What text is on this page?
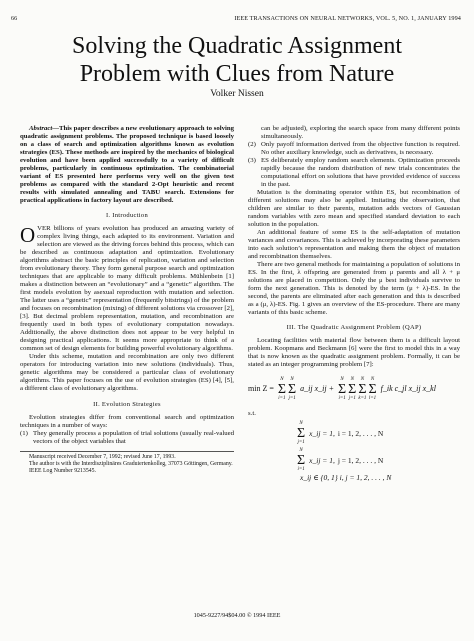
66	IEEE TRANSACTIONS ON NEURAL NETWORKS, VOL. 5, NO. 1, JANUARY 1994
Solving the Quadratic Assignment
Problem with Clues from Nature
Volker Nissen

Abstract—This paper describes a new evolutionary approach to solving quadratic assignment problems. The proposed technique is based loosely on a class of search and optimization algorithms known as evolution strategies (ES). These methods are inspired by the mechanics of biological evolution and have been applied successfully to a variety of difficult problems, particularly in continuous optimization. The combinatorial variant of ES presented here performs very well on the given test problems as compared with the standard 2-Opt heuristic and recent results with simulated annealing and TABU search. Extensions for practical applications in factory layout are described.

I. Introduction

OVER billions of years evolution has produced an amazing variety of complex living things, each adapted to its environment. Variation and selection are viewed as the driving forces behind this process, which can be described as continuous adaptation and optimization. Evolutionary algorithms abstract the basic principles of replication, variation and selection from evolutionary theory. They form general purpose search and optimization techniques that are applicable to many difficult problems. Mühlenbein [1] makes a distinction between an “evolutionary” and a “genetic” algorithm. The first models evolution by asexual reproduction with mutation and selection. The latter uses a “genetic” representation (frequently bitstrings) of the problem and focuses on recombination (mixing) of different solutions via crossover [2], [3]. But decimal problem representation, mutation, and recombination are frequently used in both types of evolutionary computation nowadays. Additionally, the above distinction does not appear to be very helpful in designing practical applications. It seems more appropriate to think of a common set of design elements for building powerful evolutionary algorithms.

Under this scheme, mutation and recombination are only two different operators for introducing variation into new solutions (individuals). Thus, genetic algorithms may be considered a particular class of evolutionary algorithms. This paper focuses on the use of evolution strategies (ES) [4], [5], a different class of evolutionary algorithms.

II. Evolution Strategies

Evolution strategies differ from conventional search and optimization techniques in a number of ways:

(1) They generally process a population of trial solutions (usually real-valued vectors of the object variables that
Manuscript received December 7, 1992; revised June 17, 1993.
The author is with the Interdisziplinäres Graduiertenkolleg, 37073 Göttingen, Germany.
IEEE Log Number 9213545.
can be adjusted), exploring the search space from many different points simultaneously.
(2) Only payoff information derived from the objective function is required. No other auxiliary knowledge, such as derivatives, is necessary.
(3) ES deliberately employ random search elements. Optimization proceeds rapidly because the random distribution of new trials concentrates the computational effort on solutions that have provided evidence of success in the past.

Mutation is the dominating operator within ES, but recombination of different solutions may also be applied. Imitating the observation, that children are similar to their parents, mutation adds vectors of Gaussian random variables with zero mean and specified standard deviation to each solution in the population.

An additional feature of some ES is the self-adaptation of mutation variances and covariances. This is achieved by incorporating these parameters into each solution’s representation and making them the object of mutation and recombination themselves.

There are two general methods for maintaining a population of solutions in ES. In the first, λ offspring are generated from μ parents and all λ + μ solutions are placed in competition. Only the μ best individuals survive to form the next generation. This is denoted by the term (μ + λ)-ES. In the second, the parents are eliminated after each generation and this is described as a (μ, λ)-ES. Fig. 1 gives an overview of the ES-procedure. There are many variants of this basic scheme.

III. The Quadratic Assignment Problem (QAP)

Locating facilities with material flow between them is a difficult layout problem. Koopmans and Beckmann [6] were the first to model this in a way that is now known as the quadratic assignment problem. Formally, it can be stated as an integer programming problem [7]:

min Z =
N
Σ
i=1
N
Σ
j=1
a_ij x_ij +
N
Σ
i=1
N
Σ
j=1
N
Σ
k=1
N
Σ
l=1
f_ik c_jl x_ij x_kl
s.t.
N
Σ
j=1
x_ij = 1, i = 1, 2, . . . , N
N
Σ
i=1
x_ij = 1, j = 1, 2, . . . , N
x_ij ∈ {0, 1} i, j = 1, 2, . . . , N
1045-9227/94$04.00 © 1994 IEEE
